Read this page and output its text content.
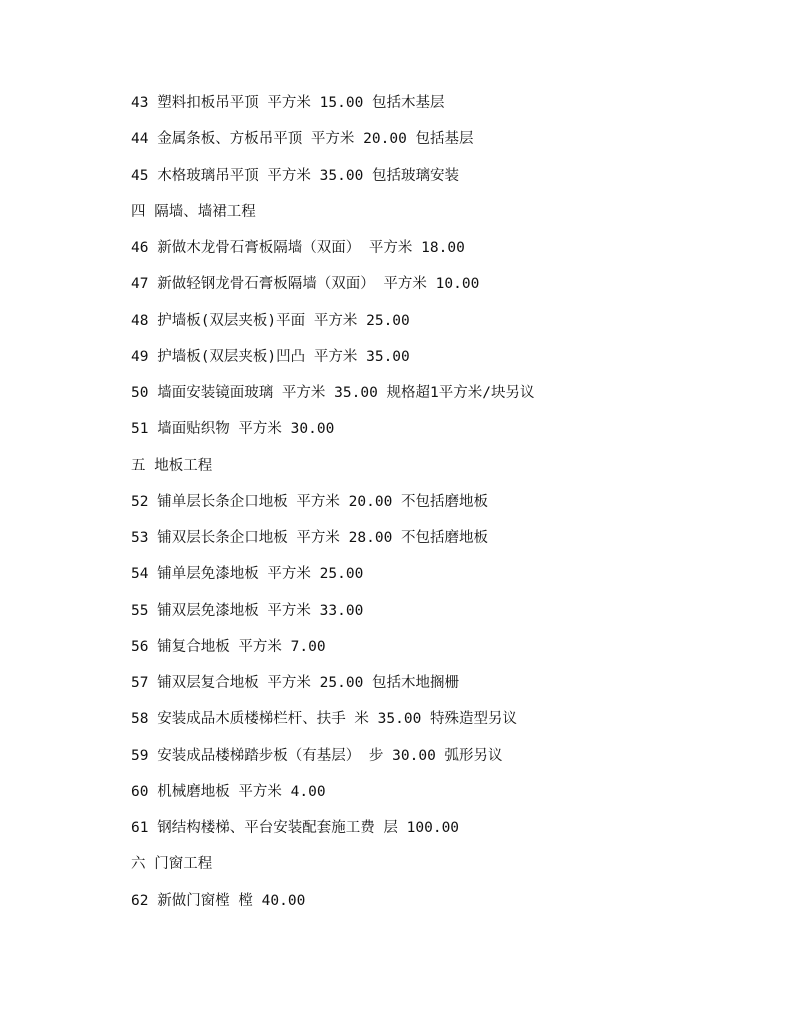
43 塑料扣板吊平顶 平方米 15.00 包括木基层
44 金属条板、方板吊平顶 平方米 20.00 包括基层
45 木格玻璃吊平顶 平方米 35.00 包括玻璃安装
四 隔墙、墙裙工程
46 新做木龙骨石膏板隔墙（双面） 平方米 18.00
47 新做轻钢龙骨石膏板隔墙（双面） 平方米 10.00
48 护墙板(双层夹板)平面 平方米 25.00
49 护墙板(双层夹板)凹凸 平方米 35.00
50 墙面安装镜面玻璃 平方米 35.00 规格超1平方米/块另议
51 墙面贴织物 平方米 30.00
五 地板工程
52 铺单层长条企口地板 平方米 20.00 不包括磨地板
53 铺双层长条企口地板 平方米 28.00 不包括磨地板
54 铺单层免漆地板 平方米 25.00
55 铺双层免漆地板 平方米 33.00
56 铺复合地板 平方米 7.00
57 铺双层复合地板 平方米 25.00 包括木地搁栅
58 安装成品木质楼梯栏杆、扶手 米 35.00 特殊造型另议
59 安装成品楼梯踏步板（有基层） 步 30.00 弧形另议
60 机械磨地板 平方米 4.00
61 钢结构楼梯、平台安装配套施工费 层 100.00
六 门窗工程
62 新做门窗樘 樘 40.00
